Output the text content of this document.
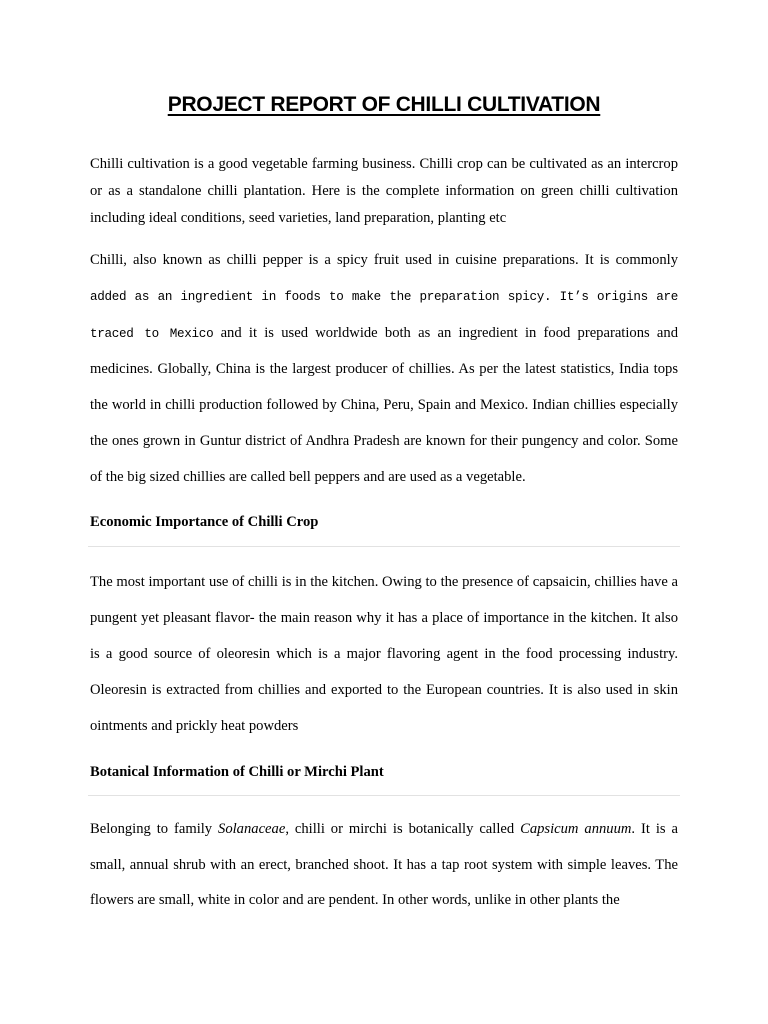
PROJECT REPORT OF CHILLI CULTIVATION

Chilli cultivation is a good vegetable farming business. Chilli crop can be cultivated as an intercrop or as a standalone chilli plantation. Here is the complete information on green chilli cultivation including ideal conditions, seed varieties, land preparation, planting etc

Chilli, also known as chilli pepper is a spicy fruit used in cuisine preparations. It is commonly added as an ingredient in foods to make the preparation spicy. It’s origins are traced to Mexico and it is used worldwide both as an ingredient in food preparations and medicines. Globally, China is the largest producer of chillies. As per the latest statistics, India tops the world in chilli production followed by China, Peru, Spain and Mexico. Indian chillies especially the ones grown in Guntur district of Andhra Pradesh are known for their pungency and color. Some of the big sized chillies are called bell peppers and are used as a vegetable.

Economic Importance of Chilli Crop

The most important use of chilli is in the kitchen. Owing to the presence of capsaicin, chillies have a pungent yet pleasant flavor- the main reason why it has a place of importance in the kitchen. It also is a good source of oleoresin which is a major flavoring agent in the food processing industry. Oleoresin is extracted from chillies and exported to the European countries. It is also used in skin ointments and prickly heat powders

Botanical Information of Chilli or Mirchi Plant

Belonging to family Solanaceae, chilli or mirchi is botanically called Capsicum annuum. It is a small, annual shrub with an erect, branched shoot. It has a tap root system with simple leaves. The flowers are small, white in color and are pendent. In other words, unlike in other plants the
